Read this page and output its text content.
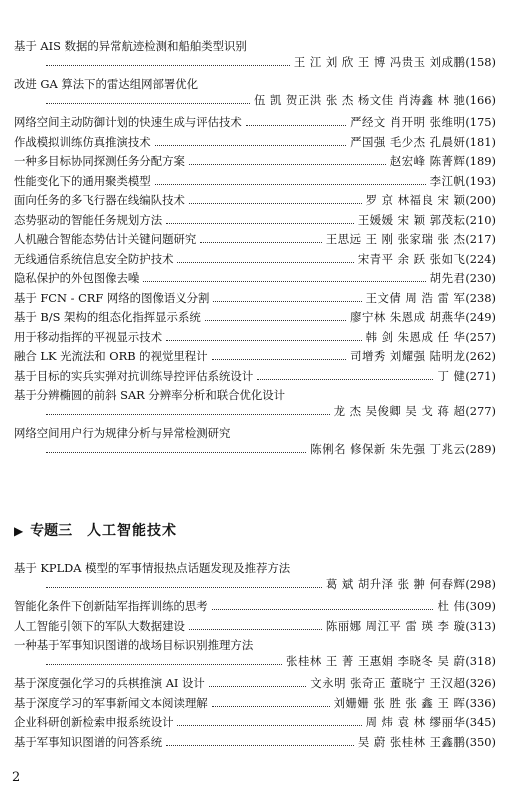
基于 AIS 数据的异常航迹检测和船舶类型识别
王 江 刘 欣 王 博 冯贵玉 刘成鹏 (158)
改进 GA 算法下的雷达组网部署优化
伍 凯 贺正洪 张 杰 杨文佳 肖涛鑫 林 驰 (166)
网络空间主动防御计划的快速生成与评估技术	严经文 肖开明 张维明 (175)
作战模拟训练仿真推演技术	严国强 毛少杰 孔晨妍 (181)
一种多目标协同探测任务分配方案	赵宏峰 陈菁辉 (189)
性能变化下的通用聚类模型	李江帆 (193)
面向任务的多飞行器在线编队技术	罗 京 林福良 宋 颖 (200)
态势驱动的智能任务规划方法	王媛媛 宋 颖 郭茂耘 (210)
人机融合智能态势估计关键问题研究	王思远 王 刚 张家瑞 张 杰 (217)
无线通信系统信息安全防护技术	宋青平 余 跃 张如飞 (224)
隐私保护的外包图像去噪	胡先君 (230)
基于 FCN - CRF 网络的图像语义分割	王文倩 周 浩 雷 军 (238)
基于 B/S 架构的组态化指挥显示系统	廖宁林 朱恩成 胡燕华 (249)
用于移动指挥的平视显示技术	韩 剑 朱恩成 任 华 (257)
融合 LK 光流法和 ORB 的视觉里程计	司增秀 刘耀强 陆明龙 (262)
基于目标的实兵实弹对抗训练导控评估系统设计	丁 健 (271)
基于分辨椭圆的前斜 SAR 分辨率分析和联合优化设计
龙 杰 吴俊卿 吴 戈 蒋 超 (277)
网络空间用户行为规律分析与异常检测研究
陈俐名 修保新 朱先强 丁兆云 (289)
▶ 专题三 人工智能技术
基于 KPLDA 模型的军事情报热点话题发现及推荐方法
葛 斌 胡升泽 张 翀 何春辉 (298)
智能化条件下创新陆军指挥训练的思考	杜 伟 (309)
人工智能引领下的军队大数据建设	陈丽娜 周江平 雷 瑛 李 璇 (313)
一种基于军事知识图谱的战场目标识别推理方法
张桂林 王 菁 王惠娟 李晓冬 吴 蔚 (318)
基于深度强化学习的兵棋推演 AI 设计	文永明 张奇正 董晓宁 王汉超 (326)
基于深度学习的军事新闻文本阅读理解	刘姗姗 张 胜 张 鑫 王 晖 (336)
企业科研创新检索申报系统设计	周 炜 袁 林 缪丽华 (345)
基于军事知识图谱的问答系统	吴 蔚 张桂林 王鑫鹏 (350)
2
